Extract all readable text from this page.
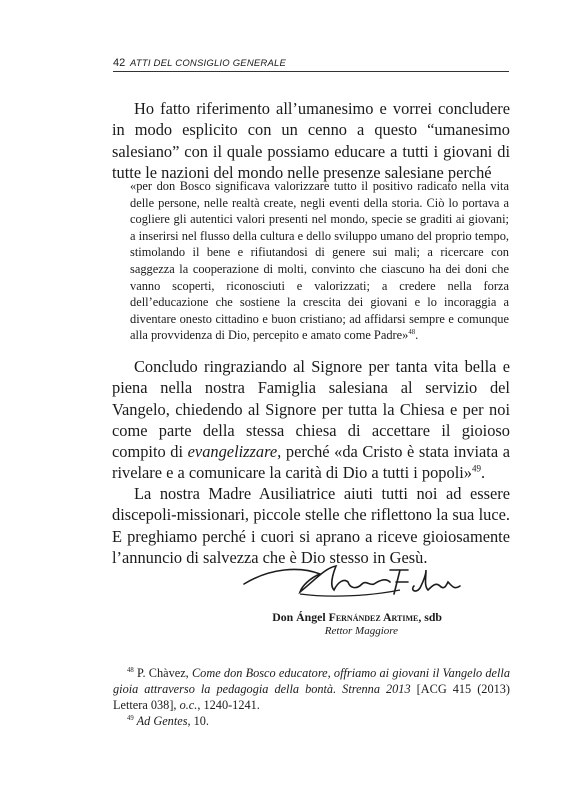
42 ATTI DEL CONSIGLIO GENERALE

Ho fatto riferimento all’umanesimo e vorrei concludere in modo esplicito con un cenno a questo “umanesimo salesiano” con il quale possiamo educare a tutti i giovani di tutte le nazioni del mondo nelle presenze salesiane perché

«per don Bosco significava valorizzare tutto il positivo radicato nella vita delle persone, nelle realtà create, negli eventi della storia. Ciò lo portava a cogliere gli autentici valori presenti nel mondo, specie se graditi ai giovani; a inserirsi nel flusso della cultura e dello sviluppo umano del proprio tempo, stimolando il bene e rifiutandosi di genere sui mali; a ricercare con saggezza la cooperazione di molti, convinto che ciascuno ha dei doni che vanno scoperti, riconosciuti e valorizzati; a credere nella forza dell’educazione che sostiene la crescita dei giovani e lo incoraggia a diventare onesto cittadino e buon cristiano; ad affidarsi sempre e comunque alla provvidenza di Dio, percepito e amato come Padre»$^{48}$.

Concludo ringraziando al Signore per tanta vita bella e piena nella nostra Famiglia salesiana al servizio del Vangelo, chiedendo al Signore per tutta la Chiesa e per noi come parte della stessa chiesa di accettare il gioioso compito di evangelizzare, perché «da Cristo è stata inviata a rivelare e a comunicare la carità di Dio a tutti i popoli»$^{49}$.

La nostra Madre Ausiliatrice aiuti tutti noi ad essere discepoli-missionari, piccole stelle che riflettono la sua luce. E preghiamo perché i cuori si aprano a riceve gioiosamente l’annuncio di salvezza che è Dio stesso in Gesù.

Don Ángel Fernández Artime, sdb
Rettor Maggiore
$^{48}$ P. Chàvez, Come don Bosco educatore, offriamo ai giovani il Vangelo della gioia attraverso la pedagogia della bontà. Strenna 2013 [ACG 415 (2013) Lettera 038], o.c., 1240-1241.
$^{49}$ Ad Gentes, 10.
